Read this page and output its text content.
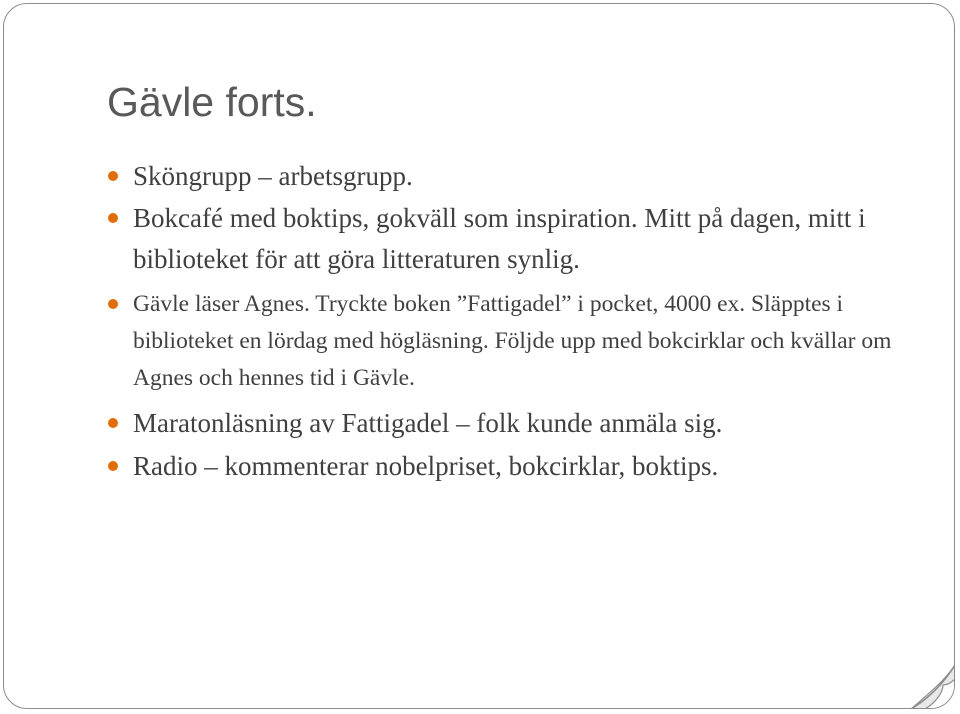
Gävle forts.
Sköngrupp – arbetsgrupp.
Bokcafé med boktips, gokväll som inspiration. Mitt på dagen, mitt i biblioteket för att göra litteraturen synlig.
Gävle läser Agnes. Tryckte boken ”Fattigadel” i pocket, 4000 ex. Släpptes i biblioteket en lördag med högläsning. Följde upp med bokcirklar och kvällar om Agnes och hennes tid i Gävle.
Maratonläsning av Fattigadel – folk kunde anmäla sig.
Radio – kommenterar nobelpriset, bokcirklar, boktips.
